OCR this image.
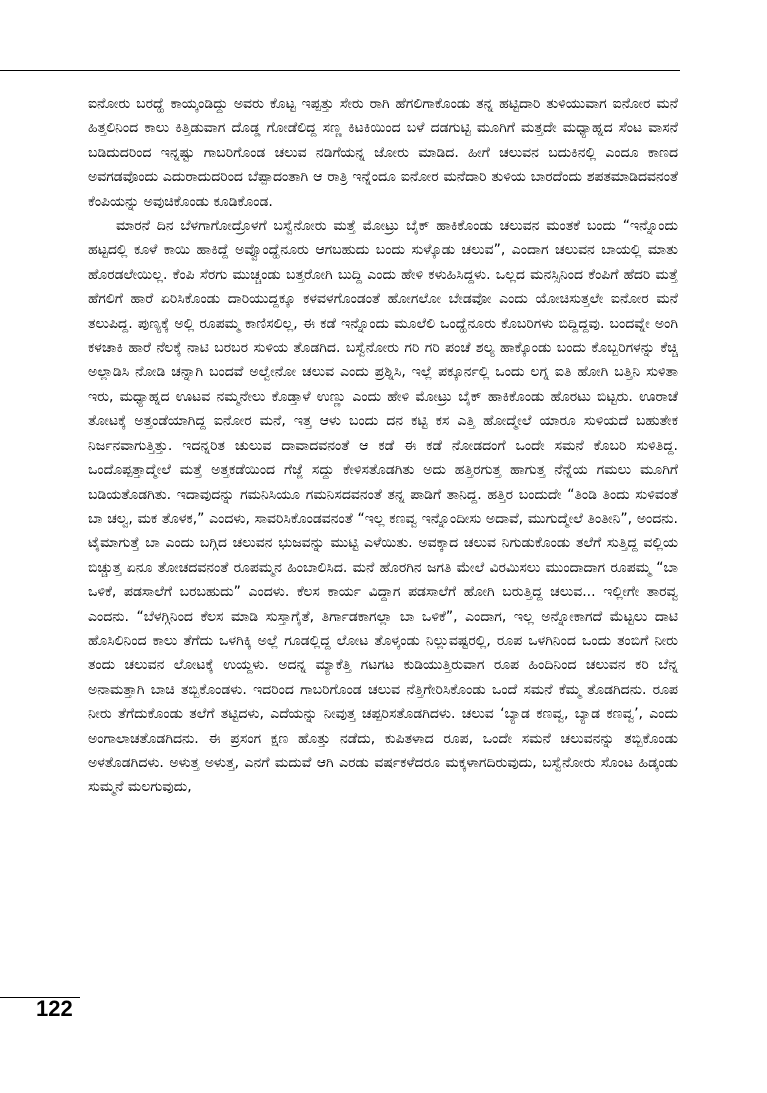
ಐನೋರು ಬರದ್ಹೆ ಕಾಯ್ಕಂಡಿದ್ದು ಅವರು ಕೊಟ್ಟ ಇಪ್ಪತ್ತು ಸೇರು ರಾಗಿ ಹೆಗಲಿಗಾಕೊಂಡು ತನ್ನ ಹಟ್ಟಿದಾರಿ ತುಳಿಯುವಾಗ ಐನೋರ ಮನೆ ಹಿತ್ತಲಿನಿಂದ ಕಾಲು ಕಿತ್ತಿಡುವಾಗ ದೊಡ್ಡ ಗೋಡೆಲಿದ್ದ ಸಣ್ಣ ಕಿಟಕಿಯಿಂದ ಬಳೆ ದಡಗುಟ್ಟಿ ಮೂಗಿಗೆ ಮತ್ತದೇ ಮಧ್ಯಾಹ್ನದ ಸೆಂಟ ವಾಸನೆ ಬಡಿದುದರಿಂದ ಇನ್ನಷ್ಟು ಗಾಬರಿಗೊಂಡ ಚಲುವ ನಡಿಗೆಯನ್ನ ಜೋರು ಮಾಡಿದ. ಹೀಗೆ ಚಲುವನ ಬದುಕಿನಲ್ಲಿ ಎಂದೂ ಕಾಣದ ಅವಗಡವೊಂದು ಎದುರಾದುದರಿಂದ ಬೆಪ್ಪಾದಂತಾಗಿ ಆ ರಾತ್ರಿ ಇನ್ನೆಂದೂ ಐನೋರ ಮನೆದಾರಿ ತುಳಿಯ ಬಾರದೆಂದು ಶಪತಮಾಡಿದವನಂತೆ ಕೆಂಪಿಯನ್ನು ಅವುಚಿಕೊಂಡು ಕೂಡಿಕೊಂಡ.

ಮಾರನೆ ದಿನ ಬೆಳಗಾಗೋದ್ರೊಳಗೆ ಬಸ್ವೆನೋರು ಮತ್ತೆ ಮೋಟ್ರು ಬೈಕ್ ಹಾಕಿಕೊಂಡು ಚಲುವನ ಮಂತಕೆ ಬಂದು “ಇನ್ನೊಂದು ಹಟ್ಟದಲ್ಲಿ ಕೂಳೆ ಕಾಯಿ ಹಾಕಿದ್ದೆ ಅವ್ವೊಂದ್ಹೆನೂರು ಆಗಬಹುದು ಬಂದು ಸುಳ್ಕೊಡು ಚಲುವ”, ಎಂದಾಗ ಚಲುವನ ಬಾಯಲ್ಲಿ ಮಾತು ಹೊರಡಲೇಯಿಲ್ಲ. ಕೆಂಪಿ ಸೆರಗು ಮುಚ್ಚಂಡು ಬತ್ತರೋಗಿ ಬುದ್ದಿ ಎಂದು ಹೇಳಿ ಕಳುಹಿಸಿದ್ದಳು. ಒಲ್ಲದ ಮನಸ್ಸಿನಿಂದ ಕೆಂಪಿಗೆ ಹೆದರಿ ಮತ್ತೆ ಹೆಗಲಿಗೆ ಹಾರೆ ಏರಿಸಿಕೊಂಡು ದಾರಿಯುದ್ದಕ್ಕೂ ಕಳವಳಗೊಂಡಂತೆ ಹೋಗಲೋ ಬೇಡವೋ ಎಂದು ಯೋಚಿಸುತ್ತಲೇ ಐನೋರ ಮನೆ ತಲುಪಿದ್ದ. ಪುಣ್ಯಕ್ಕೆ ಅಲ್ಲಿ ರೂಪಮ್ಮ ಕಾಣಿಸಲಿಲ್ಲ, ಈ ಕಡೆ ಇನ್ನೊಂದು ಮೂಲೆಲಿ ಒಂದ್ಹೆನೂರು ಕೊಬರಿಗಳು ಬಿದ್ದಿದ್ದವು. ಬಂದವ್ನೇ ಅಂಗಿ ಕಳಚಾಕಿ ಹಾರೆ ನೆಲಕ್ಕೆ ನಾಟಿ ಬರಬರ ಸುಳಿಯ ತೊಡಗಿದ. ಬಸ್ವೆನೋರು ಗರಿ ಗರಿ ಪಂಚೆ ಶಲ್ಯ ಹಾಕ್ಕೊಂಡು ಬಂದು ಕೊಬ್ಬರಿಗಳನ್ನು ಕೆಚ್ಚಿ ಅಲ್ಲಾಡಿಸಿ ನೋಡಿ ಚನ್ನಾಗಿ ಬಂದವೆ ಅಲ್ವೇನೋ ಚಲುವ ಎಂದು ಪ್ರಶ್ನಿಸಿ, ಇಲ್ಲೆ ಪಕ್ಕೂರ್ನಲ್ಲಿ ಒಂದು ಲಗ್ನ ಐತಿ ಹೋಗಿ ಬತ್ತಿನಿ ಸುಳಿತಾ ಇರು, ಮಧ್ಯಾಹ್ನದ ಊಟವ ನಮ್ಮನೇಲು ಕೊಡ್ತಾಳೆ ಉಣ್ಣು ಎಂದು ಹೇಳಿ ಮೋಟ್ರು ಬೈಕ್ ಹಾಕಿಕೊಂಡು ಹೊರಟು ಬಿಟ್ಟರು. ಊರಾಚೆ ತೋಟಕ್ಕೆ ಅತ್ತಂಡೆಯಾಗಿದ್ದ ಐನೋರ ಮನೆ, ಇತ್ತ ಆಳು ಬಂದು ದನ ಕಟ್ಟಿ ಕಸ ಎತ್ತಿ ಹೋದ್ಮೇಲೆ ಯಾರೂ ಸುಳಿಯದೆ ಬಹುತೇಕ ನಿರ್ಜನವಾಗುತ್ತಿತ್ತು. ಇದನ್ನರಿತ ಚುಲುವ ದಾವಾದವನಂತೆ ಆ ಕಡೆ ಈ ಕಡೆ ನೋಡದಂಗೆ ಒಂದೇ ಸಮನೆ ಕೊಬರಿ ಸುಳಿತಿದ್ದ. ಒಂದೊಪ್ಪತ್ತಾದ್ಮೇಲೆ ಮತ್ತೆ ಅತ್ತಕಡೆಯಿಂದ ಗೆಜ್ಜೆ ಸದ್ದು ಕೇಳಿಸತೊಡಗಿತು ಅದು ಹತ್ತಿರಗುತ್ತ ಹಾಗುತ್ತ ನೆನ್ನೆಯ ಗಮಲು ಮೂಗಿಗೆ ಬಡಿಯತೊಡಗಿತು. ಇದಾವುದನ್ನು ಗಮನಿಸಿಯೂ ಗಮನಿಸದವನಂತೆ ತನ್ನ ಪಾಡಿಗೆ ತಾನಿದ್ದ. ಹತ್ತಿರ ಬಂದುದೇ “ತಿಂಡಿ ತಿಂದು ಸುಳಿವಂತೆ ಬಾ ಚಲ್ವ, ಮಕ ತೊಳಕ,” ಎಂದಳು, ಸಾವರಿಸಿಕೊಂಡವನಂತೆ “ಇಲ್ಲ ಕಣವ್ವ ಇನ್ನೊಂದೀಸು ಅದಾವೆ, ಮುಗುದ್ಮೇಲೆ ತಿಂತೀನಿ”, ಅಂದನು. ಟೈಮಾಗುತ್ತೆ ಬಾ ಎಂದು ಬಗ್ಗಿದ ಚಲುವನ ಭುಜವನ್ನು ಮುಟ್ಟಿ ಎಳೆಯಿತು. ಅವಕ್ಕಾದ ಚಲುವ ನಿಗುಡುಕೊಂಡು ತಲೆಗೆ ಸುತ್ತಿದ್ದ ವಲ್ಲಿಯ ಬಿಚ್ಚುತ್ತ ಏನೂ ತೋಚದವನಂತೆ ರೂಪಮ್ಮನ ಹಿಂಬಾಲಿಸಿದ. ಮನೆ ಹೊರಗಿನ ಜಗತಿ ಮೇಲೆ ವಿರಮಿಸಲು ಮುಂದಾದಾಗ ರೂಪಮ್ಮ “ಬಾ ಒಳಿಕೆ, ಪಡಸಾಲೆಗೆ ಬರಬಹುದು” ಎಂದಳು. ಕೆಲಸ ಕಾರ್ಯ ವಿದ್ದಾಗ ಪಡಸಾಲೆಗೆ ಹೋಗಿ ಬರುತ್ತಿದ್ದ ಚಲುವ... ಇಲ್ಲೀಗೇ ತಾರವ್ವ ಎಂದನು. “ಬೆಳಗ್ಗಿನಿಂದ ಕೆಲಸ ಮಾಡಿ ಸುಸ್ತಾಗೈತೆ, ತಿರ್ಗಾಡಕಾಗಲ್ಲಾ ಬಾ ಒಳಿಕೆ”, ಎಂದಾಗ, ಇಲ್ಲ ಅನ್ನೋಕಾಗದೆ ಮೆಟ್ಟಲು ದಾಟಿ ಹೊಸಿಲಿನಿಂದ ಕಾಲು ತೆಗೆದು ಒಳಗಿಕ್ಕಿ ಅಲ್ಲೆ ಗೂಡಲ್ಲಿದ್ದ ಲೋಟ ತೊಳ್ಕಂಡು ನಿಲ್ಲುವಷ್ಟರಲ್ಲಿ, ರೂಪ ಒಳಗಿನಿಂದ ಒಂದು ತಂಬಿಗೆ ನೀರು ತಂದು ಚಲುವನ ಲೋಟಕ್ಕೆ ಉಯ್ದಳು. ಅದನ್ನ ಮ್ಯಾಕೆತ್ತಿ ಗಟಗಟ ಕುಡಿಯುತ್ತಿರುವಾಗ ರೂಪ ಹಿಂದಿನಿಂದ ಚಲುವನ ಕರಿ ಬೆನ್ನ ಅನಾಮತ್ತಾಗಿ ಬಾಚಿ ತಬ್ಬಿಕೊಂಡಳು. ಇದರಿಂದ ಗಾಬರಿಗೊಂಡ ಚಲುವ ನೆತ್ತಿಗೇರಿಸಿಕೊಂಡು ಒಂದೆ ಸಮನೆ ಕೆಮ್ಮ ತೊಡಗಿದನು. ರೂಪ ನೀರು ತೆಗೆದುಕೊಂಡು ತಲೆಗೆ ತಟ್ಟಿದಳು, ಎದೆಯನ್ನು ನೀವುತ್ತ ಚಪ್ಪರಿಸತೊಡಗಿದಳು. ಚಲುವ ‘ಬ್ಯಾಡ ಕಣವ್ವ, ಬ್ಯಾಡ ಕಣವ್ವ’, ಎಂದು ಅಂಗಾಲಾಚತೊಡಗಿದನು. ಈ ಪ್ರಸಂಗ ಕ್ಷಣ ಹೊತ್ತು ನಡೆದು, ಕುಪಿತಳಾದ ರೂಪ, ಒಂದೇ ಸಮನೆ ಚಲುವನನ್ನು ತಬ್ಬಿಕೊಂಡು ಅಳತೊಡಗಿದಳು. ಅಳುತ್ತ ಅಳುತ್ತ, ಎನಗೆ ಮದುವೆ ಆಗಿ ಎರಡು ವರ್ಷಕಳೆದರೂ ಮಕ್ಕಳಾಗದಿರುವುದು, ಬಸ್ವೆನೋರು ಸೊಂಟ ಹಿಡ್ಕಂಡು ಸುಮ್ಮನೆ ಮಲಗುವುದು,

122
